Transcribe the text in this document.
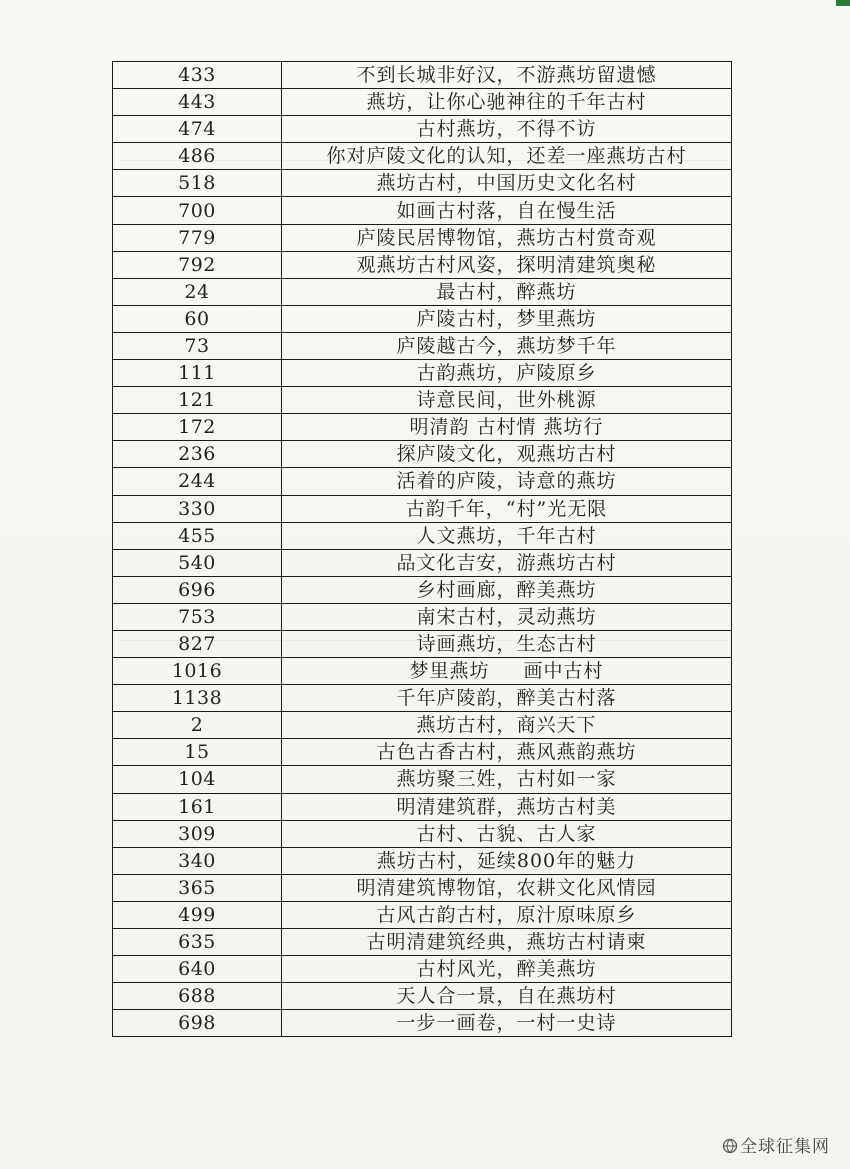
433	不到长城非好汉，不游燕坊留遗憾
443	燕坊，让你心驰神往的千年古村
474	古村燕坊，不得不访
486	你对庐陵文化的认知，还差一座燕坊古村
518	燕坊古村，中国历史文化名村
700	如画古村落，自在慢生活
779	庐陵民居博物馆，燕坊古村赏奇观
792	观燕坊古村风姿，探明清建筑奥秘
24	最古村，醉燕坊
60	庐陵古村，梦里燕坊
73	庐陵越古今，燕坊梦千年
111	古韵燕坊，庐陵原乡
121	诗意民间，世外桃源
172	明清韵 古村情 燕坊行
236	探庐陵文化，观燕坊古村
244	活着的庐陵，诗意的燕坊
330	古韵千年，“村”光无限
455	人文燕坊，千年古村
540	品文化吉安，游燕坊古村
696	乡村画廊，醉美燕坊
753	南宋古村，灵动燕坊
827	诗画燕坊，生态古村
1016	梦里燕坊 　 画中古村
1138	千年庐陵韵，醉美古村落
2	燕坊古村，商兴天下
15	古色古香古村，燕风燕韵燕坊
104	燕坊聚三姓，古村如一家
161	明清建筑群，燕坊古村美
309	古村、古貌、古人家
340	燕坊古村，延续800年的魅力
365	明清建筑博物馆，农耕文化风情园
499	古风古韵古村，原汁原味原乡
635	古明清建筑经典，燕坊古村请柬
640	古村风光，醉美燕坊
688	天人合一景，自在燕坊村
698	一步一画卷，一村一史诗
全球征集网
